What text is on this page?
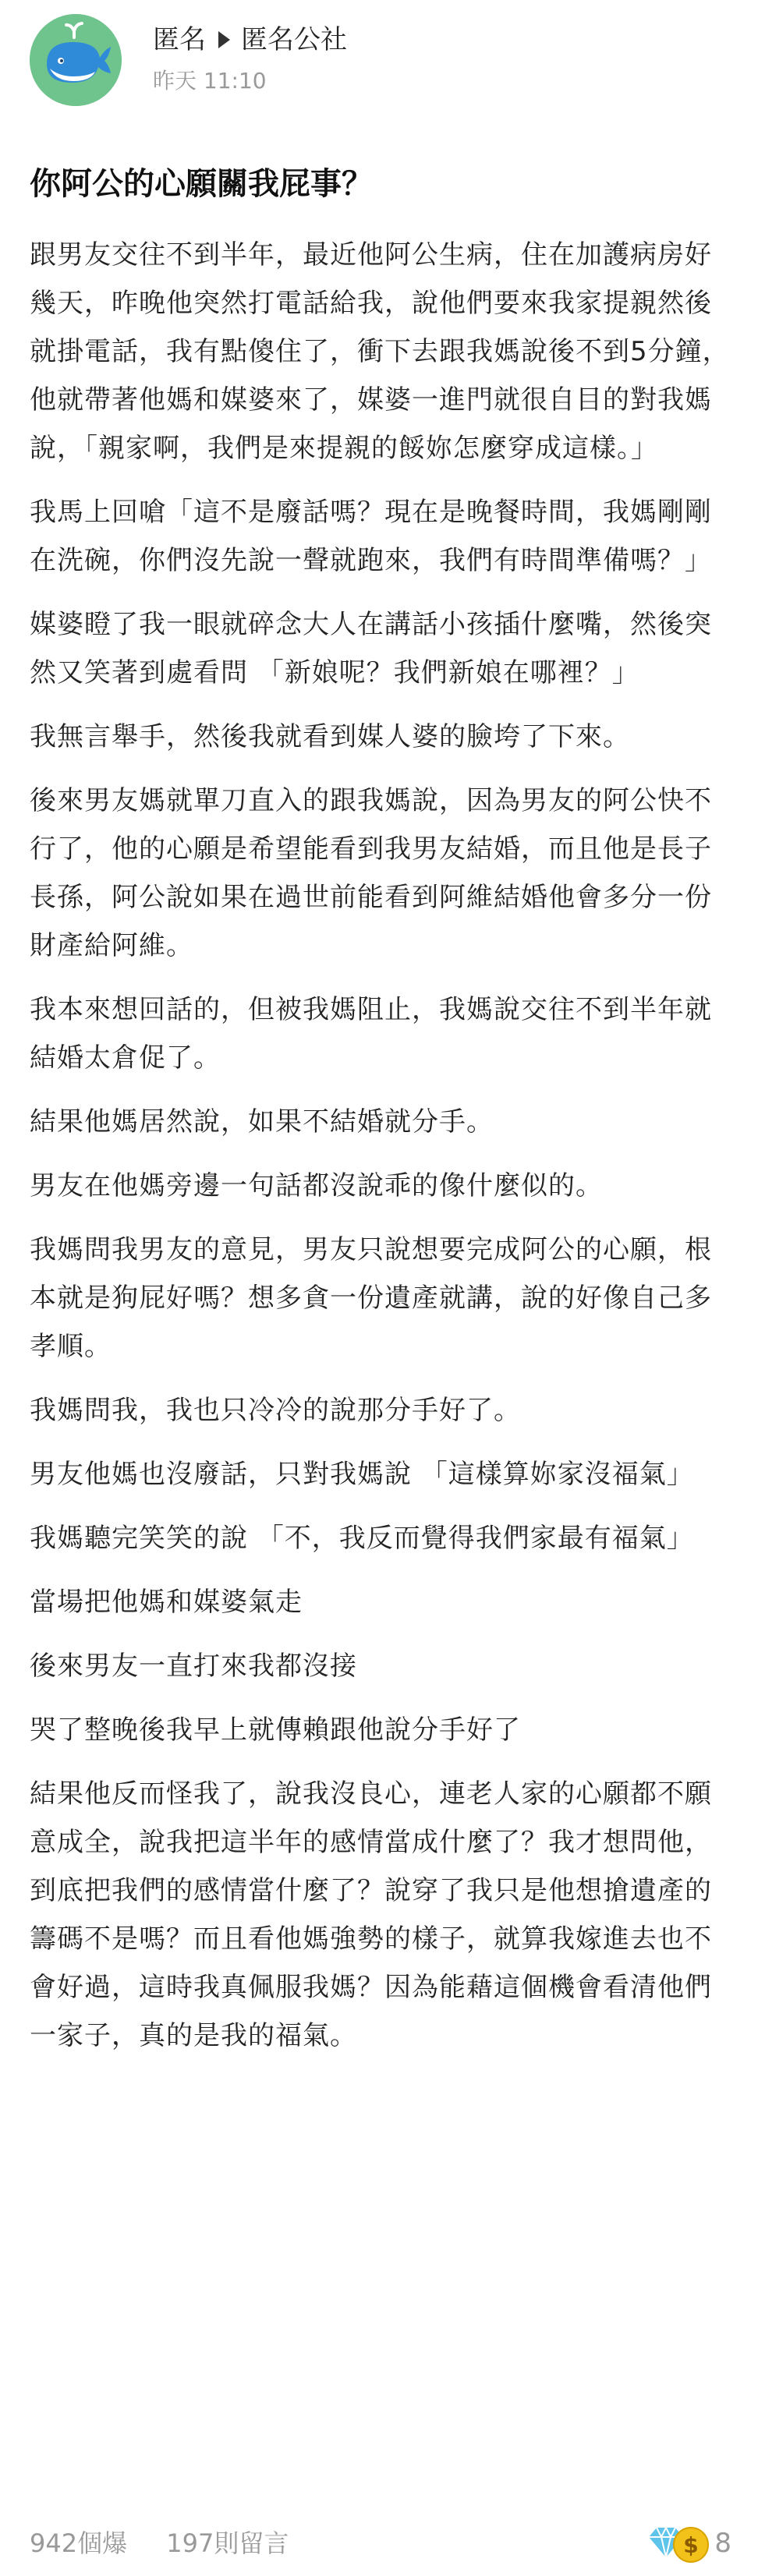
匿名 匿名公社
昨天 11:10
你阿公的心願關我屁事？

跟男友交往不到半年，最近他阿公生病，住在加護病房好幾天，昨晚他突然打電話給我，說他們要來我家提親然後就掛電話，我有點傻住了，衝下去跟我媽說後不到5分鐘，他就帶著他媽和媒婆來了，媒婆一進門就很自目的對我媽說，「親家啊，我們是來提親的餒妳怎麼穿成這樣。」

我馬上回嗆「這不是廢話嗎？現在是晚餐時間，我媽剛剛在洗碗，你們沒先說一聲就跑來，我們有時間準備嗎？」

媒婆瞪了我一眼就碎念大人在講話小孩插什麼嘴，然後突然又笑著到處看問 「新娘呢？我們新娘在哪裡？」

我無言舉手，然後我就看到媒人婆的臉垮了下來。

後來男友媽就單刀直入的跟我媽說，因為男友的阿公快不行了，他的心願是希望能看到我男友結婚，而且他是長子長孫，阿公說如果在過世前能看到阿維結婚他會多分一份財產給阿維。

我本來想回話的，但被我媽阻止，我媽說交往不到半年就結婚太倉促了。

結果他媽居然說，如果不結婚就分手。

男友在他媽旁邊一句話都沒說乖的像什麼似的。

我媽問我男友的意見，男友只說想要完成阿公的心願，根本就是狗屁好嗎？想多貪一份遺產就講，說的好像自己多孝順。

我媽問我，我也只冷冷的說那分手好了。

男友他媽也沒廢話，只對我媽說 「這樣算妳家沒福氣」

我媽聽完笑笑的說 「不，我反而覺得我們家最有福氣」

當場把他媽和媒婆氣走

後來男友一直打來我都沒接

哭了整晚後我早上就傳賴跟他說分手好了

結果他反而怪我了，說我沒良心，連老人家的心願都不願意成全，說我把這半年的感情當成什麼了？我才想問他，到底把我們的感情當什麼了？說穿了我只是他想搶遺產的籌碼不是嗎？而且看他媽強勢的樣子，就算我嫁進去也不會好過，這時我真佩服我媽？因為能藉這個機會看清他們一家子，真的是我的福氣。

942個爆 197則留言	$ 8
